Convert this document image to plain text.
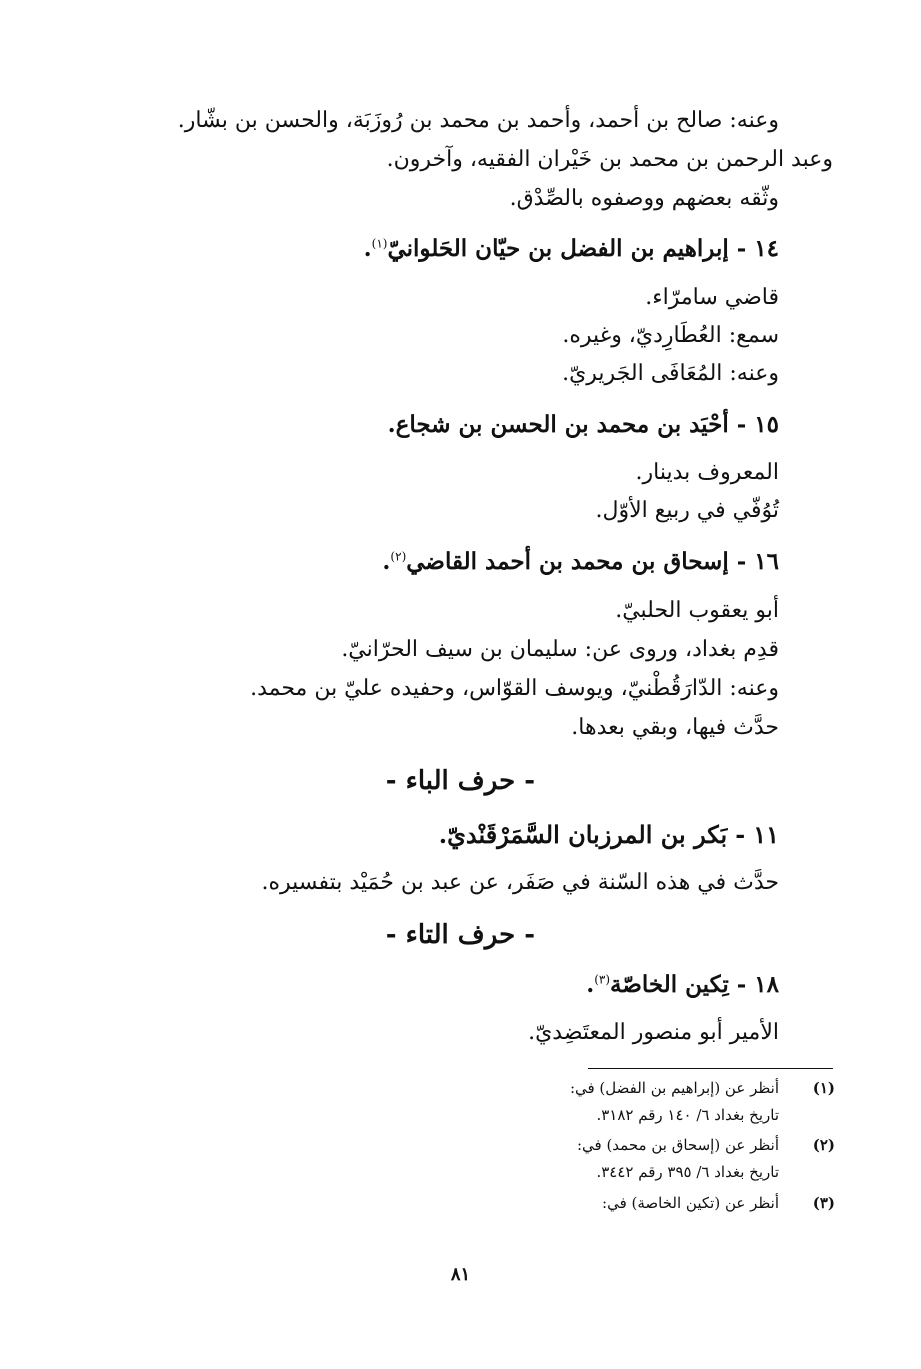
وعنه: صالح بن أحمد، وأحمد بن محمد بن رُوزَبَة، والحسن بن بشّار.
وعبد الرحمن بن محمد بن خَيْران الفقيه، وآخرون.
وثّقه بعضهم ووصفوه بالصِّدْق.
١٤-إبراهيم بن الفضل بن حيّان الحَلوانيّ$^{(١)}$.
قاضي سامرّاء.
سمع: العُطَارِديّ، وغيره.
وعنه: المُعَافَى الجَريريّ.
١٥-أحْيَد بن محمد بن الحسن بن شجاع.
المعروف بدينار.
تُوُفّي في ربيع الأوّل.
١٦-إسحاق بن محمد بن أحمد القاضي$^{(٢)}$.
أبو يعقوب الحلبيّ.
قدِم بغداد، وروى عن: سليمان بن سيف الحرّانيّ.
وعنه: الدّارَقُطْنيّ، ويوسف القوّاس، وحفيده عليّ بن محمد.
حدَّث فيها، وبقي بعدها.
- حرف الباء -
١١-بَكر بن المرزبان السَّمَرْقَنْديّ.
حدَّث في هذه السّنة في صَفَر، عن عبد بن حُمَيْد بتفسيره.
- حرف التاء -
١٨-تِكين الخاصّة$^{(٣)}$.
الأمير أبو منصور المعتَضِديّ.
(١)
أنظر عن (إبراهيم بن الفضل) في:
تاريخ بغداد ٦/ ١٤٠ رقم ٣١٨٢.
(٢)
أنظر عن (إسحاق بن محمد) في:
تاريخ بغداد ٦/ ٣٩٥ رقم ٣٤٤٢.
(٣)
أنظر عن (تكين الخاصة) في:
٨١
